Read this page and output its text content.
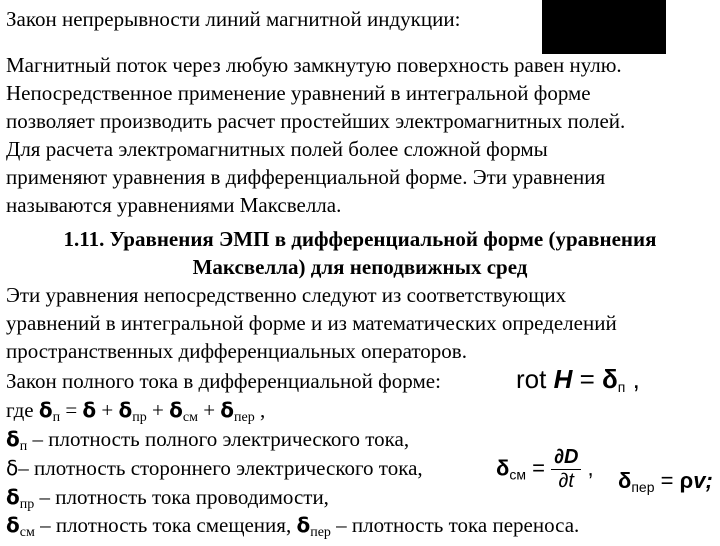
Закон непрерывности линий магнитной индукции:
Магнитный поток через любую замкнутую поверхность равен нулю.
Непосредственное применение уравнений в интегральной форме
позволяет производить расчет простейших электромагнитных полей.
Для расчета электромагнитных полей более сложной формы
применяют уравнения в дифференциальной форме. Эти уравнения
называются уравнениями Максвелла.
1.11. Уравнения ЭМП в дифференциальной форме (уравнения
Максвелла) для неподвижных сред
Эти уравнения непосредственно следуют из соответствующих
уравнений в интегральной форме и из математических определений
пространственных дифференциальных операторов.
Закон полного тока в дифференциальной форме:	rot $H = \delta_п$ ,
где $\delta_п = \delta + \delta_{пр} + \delta_{см} + \delta_{пер}$ ,
$\delta_п$ – плотность полного электрического тока,
δ– плотность стороннего электрического тока,
$\delta_{пр}$ – плотность тока проводимости,
$\delta_{см}$ – плотность тока смещения, $\delta_{пер}$ – плотность тока переноса.
$\delta_{см} = \frac{\partial D}{\partial t}$ ,
$\delta_{пер} = \rho v$;
